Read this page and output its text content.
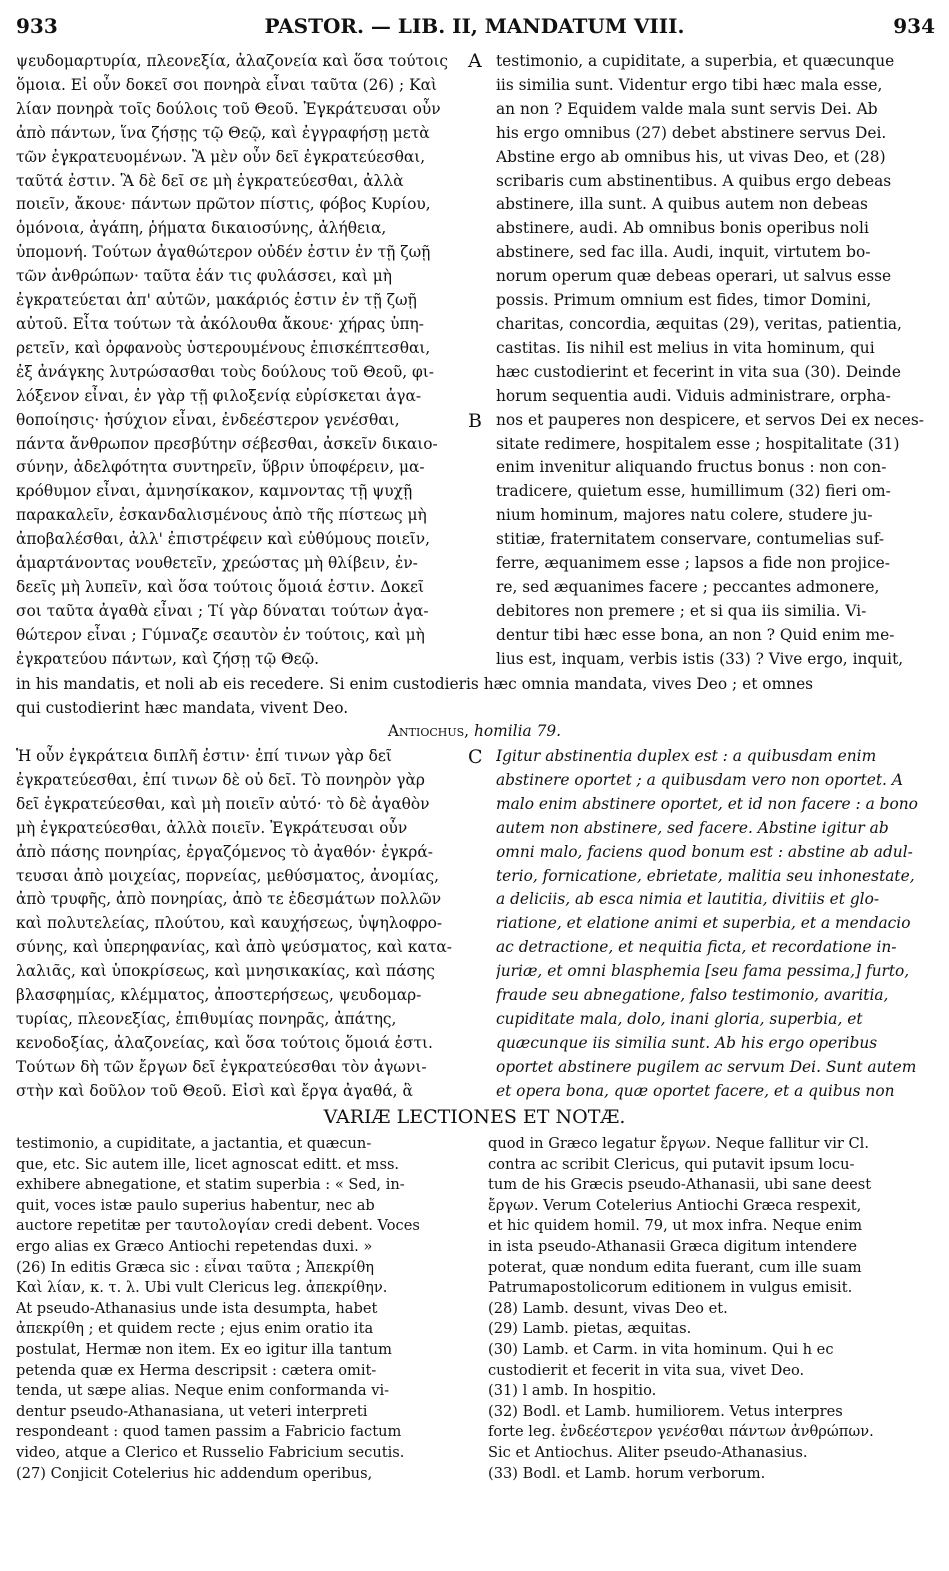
933	PASTOR. — LIB. II, MANDATUM VIII.	934
ψευδομαρτυρία, πλεονεξία, ἀλαζονεία καὶ ὅσα τούτοις
ὅμοια. Εἰ οὖν δοκεῖ σοι πονηρὰ εἶναι ταῦτα (26) ; Καὶ
λίαν πονηρὰ τοῖς δούλοις τοῦ Θεοῦ. Ἐγκράτευσαι οὖν
ἀπὸ πάντων, ἵνα ζήσῃς τῷ Θεῷ, καὶ ἐγγραφήσῃ μετὰ
τῶν ἐγκρατευομένων. Ἃ μὲν οὖν δεῖ ἐγκρατεύεσθαι,
ταῦτά ἐστιν. Ἃ δὲ δεῖ σε μὴ ἐγκρατεύεσθαι, ἀλλὰ
ποιεῖν, ἄκουε· πάντων πρῶτον πίστις, φόβος Κυρίου,
ὁμόνοια, ἀγάπη, ῥήματα δικαιοσύνης, ἀλήθεια,
ὑπομονή. Τούτων ἀγαθώτερον οὐδέν ἐστιν ἐν τῇ ζωῇ
τῶν ἀνθρώπων· ταῦτα ἐάν τις φυλάσσει, καὶ μὴ
ἐγκρατεύεται ἀπ' αὐτῶν, μακάριός ἐστιν ἐν τῇ ζωῇ
αὐτοῦ. Εἶτα τούτων τὰ ἀκόλουθα ἄκουε· χήρας ὑπη-
ρετεῖν, καὶ ὀρφανοὺς ὑστερουμένους ἐπισκέπτεσθαι,
ἐξ ἀνάγκης λυτρώσασθαι τοὺς δούλους τοῦ Θεοῦ, φι-
λόξενον εἶναι, ἐν γὰρ τῇ φιλοξενίᾳ εὑρίσκεται ἀγα-
θοποίησις· ἡσύχιον εἶναι, ἐνδεέστερον γενέσθαι,
πάντα ἄνθρωπον πρεσβύτην σέβεσθαι, ἀσκεῖν δικαιο-
σύνην, ἀδελφότητα συντηρεῖν, ὕβριν ὑποφέρειν, μα-
κρόθυμον εἶναι, ἀμνησίκακον, καμνοντας τῇ ψυχῇ
παρακαλεῖν, ἐσκανδαλισμένους ἀπὸ τῆς πίστεως μὴ
ἀποβαλέσθαι, ἀλλ' ἐπιστρέφειν καὶ εὐθύμους ποιεῖν,
ἁμαρτάνοντας νουθετεῖν, χρεώστας μὴ θλίβειν, ἐν-
δεεῖς μὴ λυπεῖν, καὶ ὅσα τούτοις ὅμοιά ἐστιν. Δοκεῖ
σοι ταῦτα ἀγαθὰ εἶναι ; Τί γὰρ δύναται τούτων ἀγα-
θώτερον εἶναι ; Γύμναζε σεαυτὸν ἐν τούτοις, καὶ μὴ
ἐγκρατεύου πάντων, καὶ ζήσῃ τῷ Θεῷ.
testimonio, a cupiditate, a superbia, et quæcunque
iis similia sunt. Videntur ergo tibi hæc mala esse,
an non ? Equidem valde mala sunt servis Dei. Ab
his ergo omnibus (27) debet abstinere servus Dei.
Abstine ergo ab omnibus his, ut vivas Deo, et (28)
scribaris cum abstinentibus. A quibus ergo debeas
abstinere, illa sunt. A quibus autem non debeas
abstinere, audi. Ab omnibus bonis operibus noli
abstinere, sed fac illa. Audi, inquit, virtutem bo-
norum operum quæ debeas operari, ut salvus esse
possis. Primum omnium est fides, timor Domini,
charitas, concordia, æquitas (29), veritas, patientia,
castitas. Iis nihil est melius in vita hominum, qui
hæc custodierint et fecerint in vita sua (30). Deinde
horum sequentia audi. Viduis administrare, orpha-
nos et pauperes non despicere, et servos Dei ex neces-
sitate redimere, hospitalem esse ; hospitalitate (31)
enim invenitur aliquando fructus bonus : non con-
tradicere, quietum esse, humillimum (32) fieri om-
nium hominum, majores natu colere, studere ju-
stitiæ, fraternitatem conservare, contumelias suf-
ferre, æquanimem esse ; lapsos a fide non projice-
re, sed æquanimes facere ; peccantes admonere,
debitores non premere ; et si qua iis similia. Vi-
dentur tibi hæc esse bona, an non ? Quid enim me-
lius est, inquam, verbis istis (33) ? Vive ergo, inquit,
A
B
in his mandatis, et noli ab eis recedere. Si enim custodieris hæc omnia mandata, vives Deo ; et omnes
qui custodierint hæc mandata, vivent Deo.
Antiochus, homilia 79.
Ἡ οὖν ἐγκράτεια διπλῆ ἐστιν· ἐπί τινων γὰρ δεῖ
ἐγκρατεύεσθαι, ἐπί τινων δὲ οὐ δεῖ. Τὸ πονηρὸν γὰρ
δεῖ ἐγκρατεύεσθαι, καὶ μὴ ποιεῖν αὐτό· τὸ δὲ ἀγαθὸν
μὴ ἐγκρατεύεσθαι, ἀλλὰ ποιεῖν. Ἐγκράτευσαι οὖν
ἀπὸ πάσης πονηρίας, ἐργαζόμενος τὸ ἀγαθόν· ἐγκρά-
τευσαι ἀπὸ μοιχείας, πορνείας, μεθύσματος, ἀνομίας,
ἀπὸ τρυφῆς, ἀπὸ πονηρίας, ἀπὸ τε ἐδεσμάτων πολλῶν
καὶ πολυτελείας, πλούτου, καὶ καυχήσεως, ὑψηλοφρο-
σύνης, καὶ ὑπερηφανίας, καὶ ἀπὸ ψεύσματος, καὶ κατα-
λαλιᾶς, καὶ ὑποκρίσεως, καὶ μνησικακίας, καὶ πάσης
βλασφημίας, κλέμματος, ἀποστερήσεως, ψευδομαρ-
τυρίας, πλεονεξίας, ἐπιθυμίας πονηρᾶς, ἀπάτης,
κενοδοξίας, ἀλαζονείας, καὶ ὅσα τούτοις ὅμοιά ἐστι.
Τούτων δὴ τῶν ἔργων δεῖ ἐγκρατεύεσθαι τὸν ἀγωνι-
στὴν καὶ δοῦλον τοῦ Θεοῦ. Εἰσὶ καὶ ἔργα ἀγαθά, ἃ
Igitur abstinentia duplex est : a quibusdam enim
abstinere oportet ; a quibusdam vero non oportet. A
malo enim abstinere oportet, et id non facere : a bono
autem non abstinere, sed facere. Abstine igitur ab
omni malo, faciens quod bonum est : abstine ab adul-
terio, fornicatione, ebrietate, malitia seu inhonestate,
a deliciis, ab esca nimia et lautitia, divitiis et glo-
riatione, et elatione animi et superbia, et a mendacio
ac detractione, et nequitia ficta, et recordatione in-
juriæ, et omni blasphemia [seu fama pessima,] furto,
fraude seu abnegatione, falso testimonio, avaritia,
cupiditate mala, dolo, inani gloria, superbia, et
quæcunque iis similia sunt. Ab his ergo operibus
oportet abstinere pugilem ac servum Dei. Sunt autem
et opera bona, quæ oportet facere, et a quibus non
C
VARIÆ LECTIONES ET NOTÆ.
testimonio, a cupiditate, a jactantia, et quæcun-
que, etc. Sic autem ille, licet agnoscat editt. et mss.
exhibere abnegatione, et statim superbia : « Sed, in-
quit, voces istæ paulo superius habentur, nec ab
auctore repetitæ per ταυτολογίαν credi debent. Voces
ergo alias ex Græco Antiochi repetendas duxi. »
(26) In editis Græca sic : εἶναι ταῦτα ; Ἀπεκρίθη
Καὶ λίαν, κ. τ. λ. Ubi vult Clericus leg. ἀπεκρίθην.
At pseudo-Athanasius unde ista desumpta, habet
ἀπεκρίθη ; et quidem recte ; ejus enim oratio ita
postulat, Hermæ non item. Ex eo igitur illa tantum
petenda quæ ex Herma descripsit : cætera omit-
tenda, ut sæpe alias. Neque enim conformanda vi-
dentur pseudo-Athanasiana, ut veteri interpreti
respondeant : quod tamen passim a Fabricio factum
video, atque a Clerico et Russelio Fabricium secutis.
(27) Conjicit Cotelerius hic addendum operibus,
quod in Græco legatur ἔργων. Neque fallitur vir Cl.
contra ac scribit Clericus, qui putavit ipsum locu-
tum de his Græcis pseudo-Athanasii, ubi sane deest
ἔργων. Verum Cotelerius Antiochi Græca respexit,
et hic quidem homil. 79, ut mox infra. Neque enim
in ista pseudo-Athanasii Græca digitum intendere
poterat, quæ nondum edita fuerant, cum ille suam
Patrumapostolicorum editionem in vulgus emisit.
(28) Lamb. desunt, vivas Deo et.
(29) Lamb. pietas, æquitas.
(30) Lamb. et Carm. in vita hominum. Qui h ec
custodierit et fecerit in vita sua, vivet Deo.
(31) l amb. In hospitio.
(32) Bodl. et Lamb. humiliorem. Vetus interpres
forte leg. ἐνδεέστερον γενέσθαι πάντων ἀνθρώπων.
Sic et Antiochus. Aliter pseudo-Athanasius.
(33) Bodl. et Lamb. horum verborum.
